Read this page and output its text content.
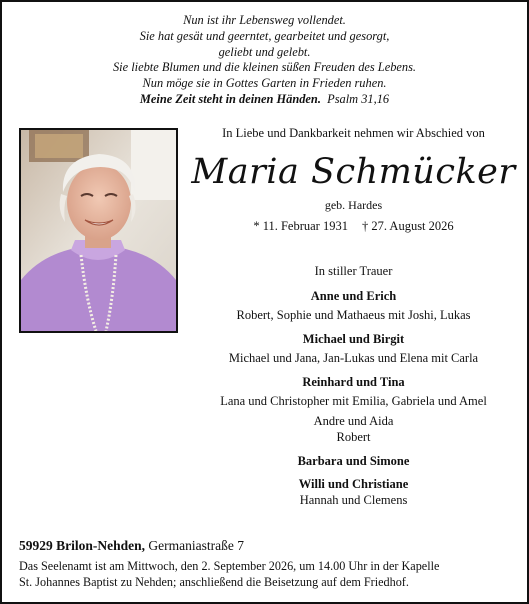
Nun ist ihr Lebensweg vollendet.
Sie hat gesät und geerntet, gearbeitet und gesorgt,
geliebt und gelebt.
Sie liebte Blumen und die kleinen süßen Freuden des Lebens.
Nun möge sie in Gottes Garten in Frieden ruhen.
Meine Zeit steht in deinen Händen. Psalm 31,16
In Liebe und Dankbarkeit nehmen wir Abschied von
Maria Schmücker
geb. Hardes
* 11. Februar 1931 † 27. August 2026
In stiller Trauer
Anne und Erich
Robert, Sophie und Mathaeus mit Joshi, Lukas
Michael und Birgit
Michael und Jana, Jan-Lukas und Elena mit Carla
Reinhard und Tina
Lana und Christopher mit Emilia, Gabriela und Amel
Andre und Aida
Robert
Barbara und Simone
Willi und Christiane
Hannah und Clemens
59929 Brilon-Nehden, Germaniastraße 7
Das Seelenamt ist am Mittwoch, den 2. September 2026, um 14.00 Uhr in der Kapelle
St. Johannes Baptist zu Nehden; anschließend die Beisetzung auf dem Friedhof.
